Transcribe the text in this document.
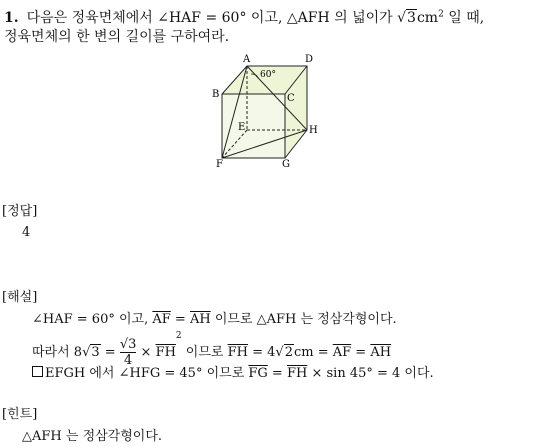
1. 다음은 정육면체에서 ∠HAF = 60° 이고, △AFH 의 넓이가 $√3cm^2$ 일 때,
정육면체의 한 변의 길이를 구하여라.
A	D
B	C
E	H
F	G
60°
[정답]
4
[해설]
∠HAF = 60° 이고, $\overline{AF} = \overline{AH}$ 이므로 △AFH 는 정삼각형이다.
따라서 $8√3 = \frac{√3}{4} \times \overline{FH}^2$ 이므로 $\overline{FH} = 4√2cm = \overline{AF} = \overline{AH}$
EFGH 에서 ∠HFG = 45° 이므로 $\overline{FG} = \overline{FH} \times \sin 45^\circ = 4$ 이다.
[힌트]
△AFH 는 정삼각형이다.
